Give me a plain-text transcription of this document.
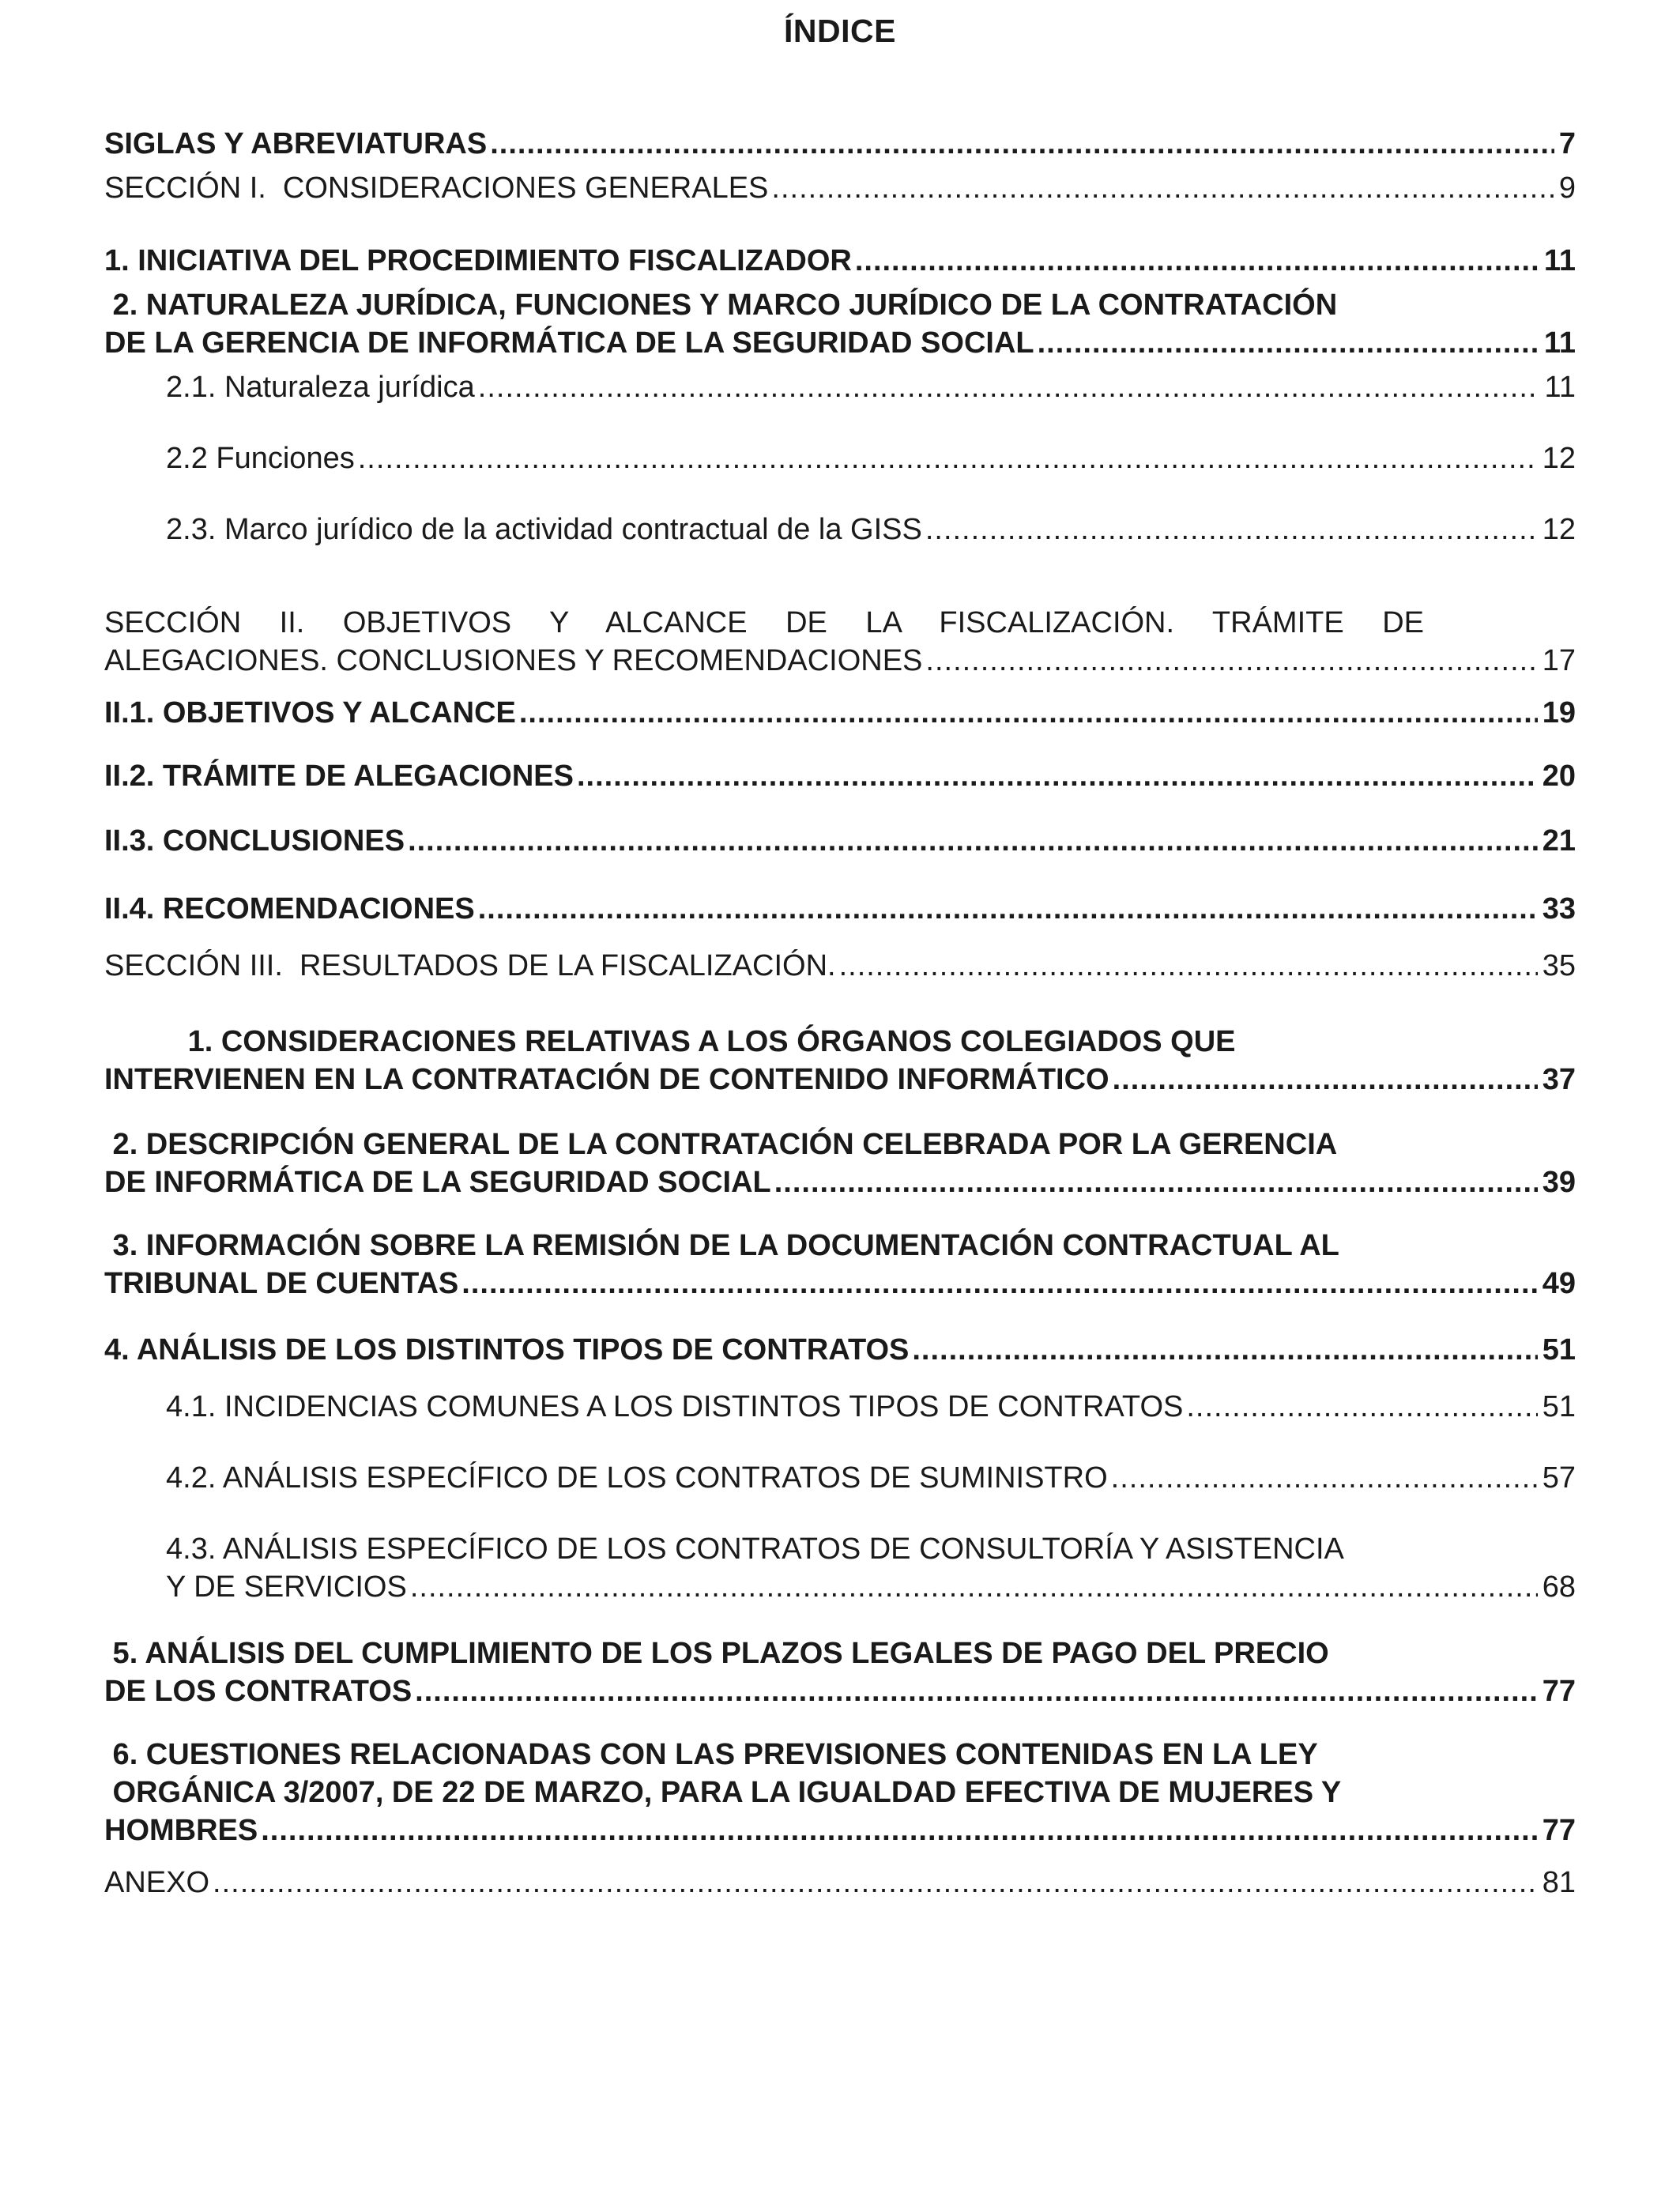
ÍNDICE
SIGLAS Y ABREVIATURAS .....	7
SECCIÓN I.  CONSIDERACIONES GENERALES .....	9
1. INICIATIVA DEL PROCEDIMIENTO FISCALIZADOR .....	11
2. NATURALEZA JURÍDICA, FUNCIONES Y MARCO JURÍDICO DE LA CONTRATACIÓN
DE LA GERENCIA DE INFORMÁTICA DE LA SEGURIDAD SOCIAL .....	11
2.1. Naturaleza jurídica .....	11
2.2 Funciones .....	12
2.3. Marco jurídico de la actividad contractual de la GISS .....	12
SECCIÓN II. OBJETIVOS Y ALCANCE DE LA FISCALIZACIÓN. TRÁMITE DE
ALEGACIONES. CONCLUSIONES Y RECOMENDACIONES .....	17
II.1. OBJETIVOS Y ALCANCE .....	19
II.2. TRÁMITE DE ALEGACIONES .....	20
II.3. CONCLUSIONES .....	21
II.4. RECOMENDACIONES .....	33
SECCIÓN III.  RESULTADOS DE LA FISCALIZACIÓN. .....	35
1. CONSIDERACIONES RELATIVAS A LOS ÓRGANOS COLEGIADOS QUE
INTERVIENEN EN LA CONTRATACIÓN DE CONTENIDO INFORMÁTICO .....	37
2. DESCRIPCIÓN GENERAL DE LA CONTRATACIÓN CELEBRADA POR LA GERENCIA
DE INFORMÁTICA DE LA SEGURIDAD SOCIAL .....	39
3. INFORMACIÓN SOBRE LA REMISIÓN DE LA DOCUMENTACIÓN CONTRACTUAL AL
TRIBUNAL DE CUENTAS .....	49
4. ANÁLISIS DE LOS DISTINTOS TIPOS DE CONTRATOS .....	51
4.1. INCIDENCIAS COMUNES A LOS DISTINTOS TIPOS DE CONTRATOS .....	51
4.2. ANÁLISIS ESPECÍFICO DE LOS CONTRATOS DE SUMINISTRO .....	57
4.3. ANÁLISIS ESPECÍFICO DE LOS CONTRATOS DE CONSULTORÍA Y ASISTENCIA
Y DE SERVICIOS .....	68
5. ANÁLISIS DEL CUMPLIMIENTO DE LOS PLAZOS LEGALES DE PAGO DEL PRECIO
DE LOS CONTRATOS .....	77
6. CUESTIONES RELACIONADAS CON LAS PREVISIONES CONTENIDAS EN LA LEY
ORGÁNICA 3/2007, DE 22 DE MARZO, PARA LA IGUALDAD EFECTIVA DE MUJERES Y
HOMBRES .....	77
ANEXO .....	81
